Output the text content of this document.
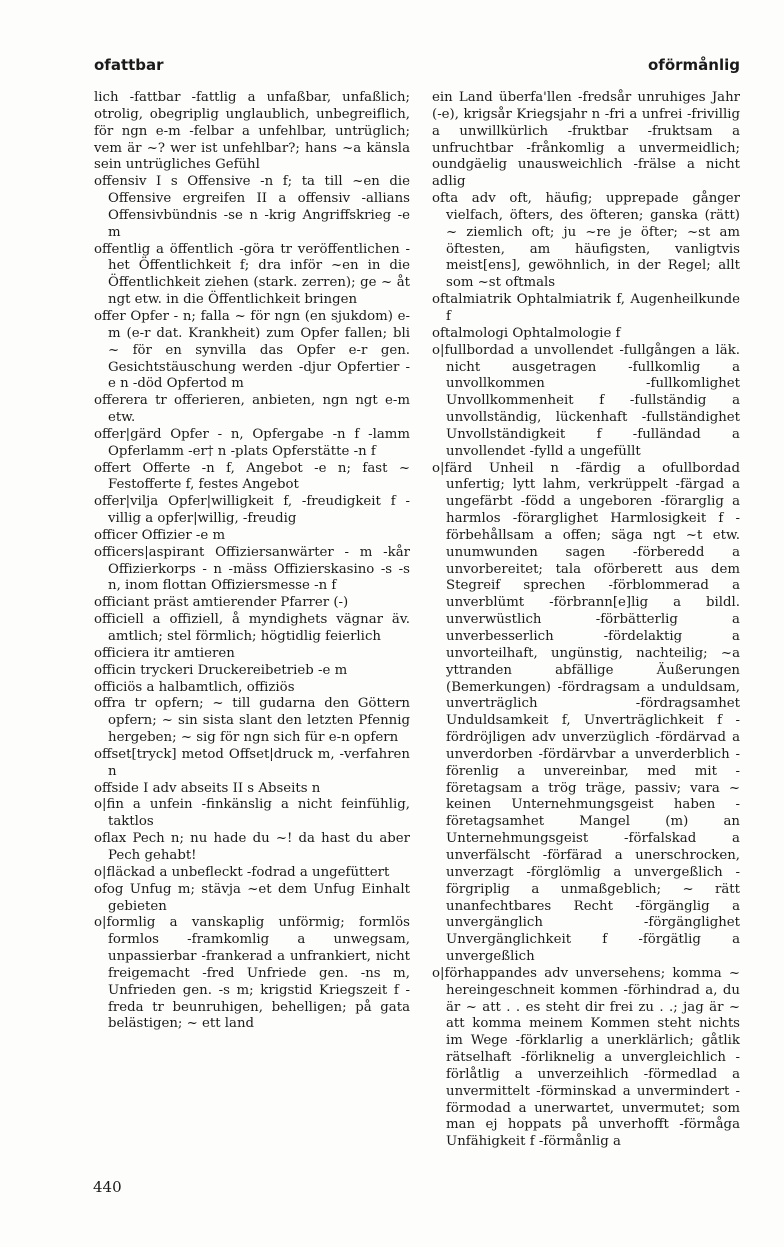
ofattbar	oförmånlig

lich -fattbar -fattlig a unfaßbar, unfaßlich; otrolig, obegriplig unglaublich, unbegreiflich, för ngn e-m -felbar a unfehlbar, untrüglich; vem är ~? wer ist unfehlbar?; hans ~a känsla sein untrügliches Gefühl

offensiv I s Offensive -n f; ta till ~en die Offensive ergreifen II a offensiv -allians Offensivbündnis -se n -krig Angriffskrieg -e m

offentlig a öffentlich -göra tr veröffentlichen -het Öffentlichkeit f; dra inför ~en in die Öffentlichkeit ziehen (stark. zerren); ge ~ åt ngt etw. in die Öffentlichkeit bringen

offer Opfer - n; falla ~ för ngn (en sjukdom) e-m (e-r dat. Krankheit) zum Opfer fallen; bli ~ för en synvilla das Opfer e-r gen. Gesichtstäuschung werden -djur Opfertier -e n -död Opfertod m

offerera tr offerieren, anbieten, ngn ngt e-m etw.

offer|gärd Opfer - n, Opfergabe -n f -lamm Opferlamm -er† n -plats Opferstätte -n f

offert Offerte -n f, Angebot -e n; fast ~ Festofferte f, festes Angebot

offer|vilja Opfer|willigkeit f, -freudigkeit f -villig a opfer|willig, -freudig

officer Offizier -e m

officers|aspirant Offiziersanwärter - m -kår Offizierkorps - n -mäss Offizierskasino -s -s n, inom flottan Offiziersmesse -n f

officiant präst amtierender Pfarrer (-)

officiell a offiziell, å myndighets vägnar äv. amtlich; stel förmlich; högtidlig feierlich

officiera itr amtieren

officin tryckeri Druckereibetrieb -e m

officiös a halbamtlich, offiziös

offra tr opfern; ~ till gudarna den Göttern opfern; ~ sin sista slant den letzten Pfennig hergeben; ~ sig för ngn sich für e-n opfern

offset[tryck] metod Offset|druck m, -verfahren n

offside I adv abseits II s Abseits n

o|fin a unfein -finkänslig a nicht feinfühlig, taktlos

oflax Pech n; nu hade du ~! da hast du aber Pech gehabt!

o|fläckad a unbefleckt -fodrad a ungefüttert

ofog Unfug m; stävja ~et dem Unfug Einhalt gebieten

o|formlig a vanskaplig unförmig; formlös formlos -framkomlig a unwegsam, unpassierbar -frankerad a unfrankiert, nicht freigemacht -fred Unfriede gen. -ns m, Unfrieden gen. -s m; krigstid Kriegszeit f -freda tr beunruhigen, behelligen; på gata belästigen; ~ ett land

ein Land überfa'llen -fredsår unruhiges Jahr (-e), krigsår Kriegsjahr n -fri a unfrei -frivillig a unwillkürlich -fruktbar -fruktsam a unfruchtbar -frånkomlig a unvermeidlich; oundgäelig unausweichlich -frälse a nicht adlig

ofta adv oft, häufig; upprepade gånger vielfach, öfters, des öfteren; ganska (rätt) ~ ziemlich oft; ju ~re je öfter; ~st am öftesten, am häufigsten, vanligtvis meist[ens], gewöhnlich, in der Regel; allt som ~st oftmals

oftalmiatrik Ophtalmiatrik f, Augenheilkunde f

oftalmologi Ophtalmologie f

o|fullbordad a unvollendet -fullgången a läk. nicht ausgetragen -fullkomlig a unvollkommen -fullkomlighet Unvollkommenheit f -fullständig a unvollständig, lückenhaft -fullständighet Unvollständigkeit f -fulländad a unvollendet -fylld a ungefüllt

o|färd Unheil n -färdig a ofullbordad unfertig; lytt lahm, verkrüppelt -färgad a ungefärbt -född a ungeboren -förarglig a harmlos -förarglighet Harmlosigkeit f -förbehållsam a offen; säga ngt ~t etw. unumwunden sagen -förberedd a unvorbereitet; tala oförberett aus dem Stegreif sprechen -förblommerad a unverblümt -förbrann[e]lig a bildl. unverwüstlich -förbätterlig a unverbesserlich -fördelaktig a unvorteilhaft, ungünstig, nachteilig; ~a yttranden abfällige Äußerungen (Bemerkungen) -fördragsam a unduldsam, unverträglich -fördragsamhet Unduldsamkeit f, Unverträglichkeit f -fördröjligen adv unverzüglich -fördärvad a unverdorben -fördärvbar a unverderblich -förenlig a unvereinbar, med mit -företagsam a trög träge, passiv; vara ~ keinen Unternehmungsgeist haben -företagsamhet Mangel (m) an Unternehmungsgeist -förfalskad a unverfälscht -förfärad a unerschrocken, unverzagt -förglömlig a unvergeßlich -förgriplig a unmaßgeblich; ~ rätt unanfechtbares Recht -förgänglig a unvergänglich -förgänglighet Unvergänglichkeit f -förgätlig a unvergeßlich

o|förhappandes adv unversehens; komma ~ hereingeschneit kommen -förhindrad a, du är ~ att . . es steht dir frei zu . .; jag är ~ att komma meinem Kommen steht nichts im Wege -förklarlig a unerklärlich; gåtlik rätselhaft -förliknelig a unvergleichlich -förlåtlig a unverzeihlich -förmedlad a unvermittelt -förminskad a unvermindert -förmodad a unerwartet, unvermutet; som man ej hoppats på unverhofft -förmåga Unfähigkeit f -förmånlig a

440
